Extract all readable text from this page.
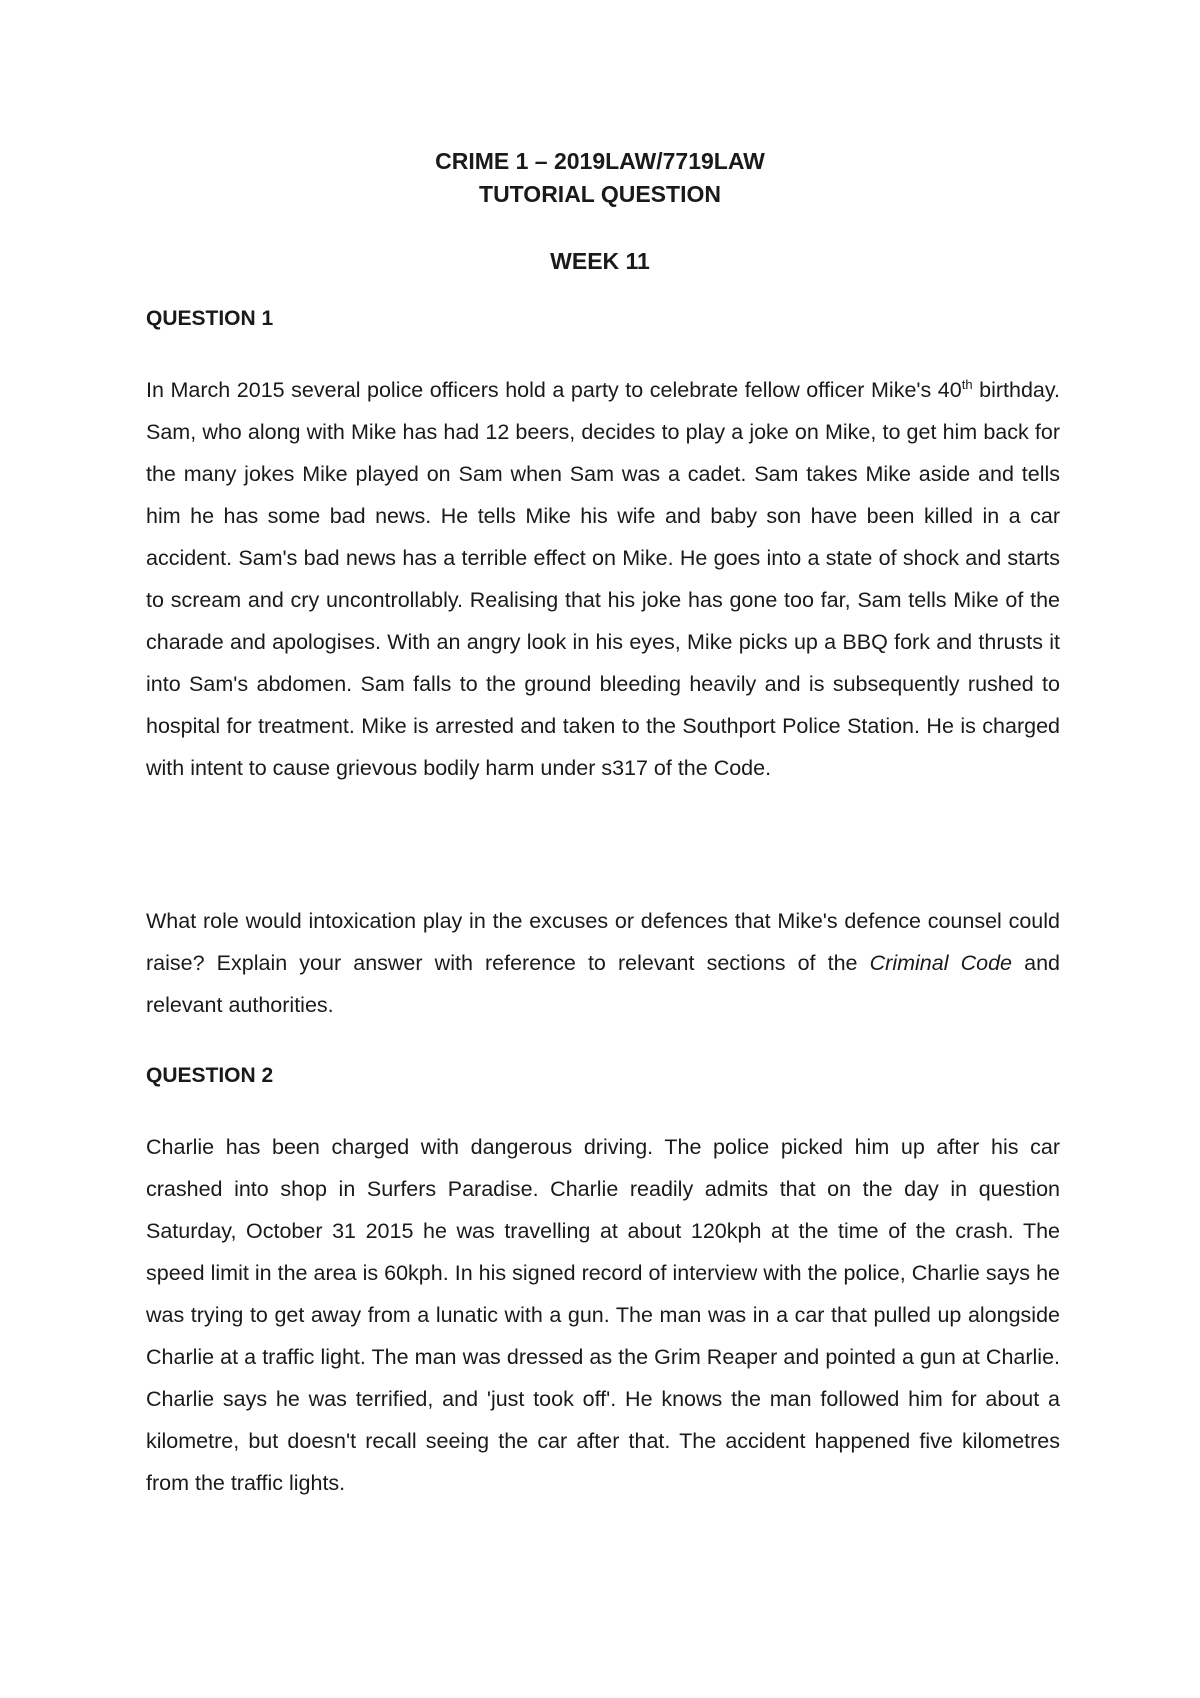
CRIME 1 – 2019LAW/7719LAW
TUTORIAL QUESTION
WEEK 11
QUESTION 1

In March 2015 several police officers hold a party to celebrate fellow officer Mike's 40th birthday. Sam, who along with Mike has had 12 beers, decides to play a joke on Mike, to get him back for the many jokes Mike played on Sam when Sam was a cadet. Sam takes Mike aside and tells him he has some bad news. He tells Mike his wife and baby son have been killed in a car accident. Sam's bad news has a terrible effect on Mike. He goes into a state of shock and starts to scream and cry uncontrollably. Realising that his joke has gone too far, Sam tells Mike of the charade and apologises. With an angry look in his eyes, Mike picks up a BBQ fork and thrusts it into Sam's abdomen. Sam falls to the ground bleeding heavily and is subsequently rushed to hospital for treatment. Mike is arrested and taken to the Southport Police Station. He is charged with intent to cause grievous bodily harm under s317 of the Code.

What role would intoxication play in the excuses or defences that Mike's defence counsel could raise? Explain your answer with reference to relevant sections of the Criminal Code and relevant authorities.

QUESTION 2

Charlie has been charged with dangerous driving. The police picked him up after his car crashed into shop in Surfers Paradise. Charlie readily admits that on the day in question Saturday, October 31 2015 he was travelling at about 120kph at the time of the crash. The speed limit in the area is 60kph. In his signed record of interview with the police, Charlie says he was trying to get away from a lunatic with a gun. The man was in a car that pulled up alongside Charlie at a traffic light. The man was dressed as the Grim Reaper and pointed a gun at Charlie. Charlie says he was terrified, and 'just took off'. He knows the man followed him for about a kilometre, but doesn't recall seeing the car after that. The accident happened five kilometres from the traffic lights.
